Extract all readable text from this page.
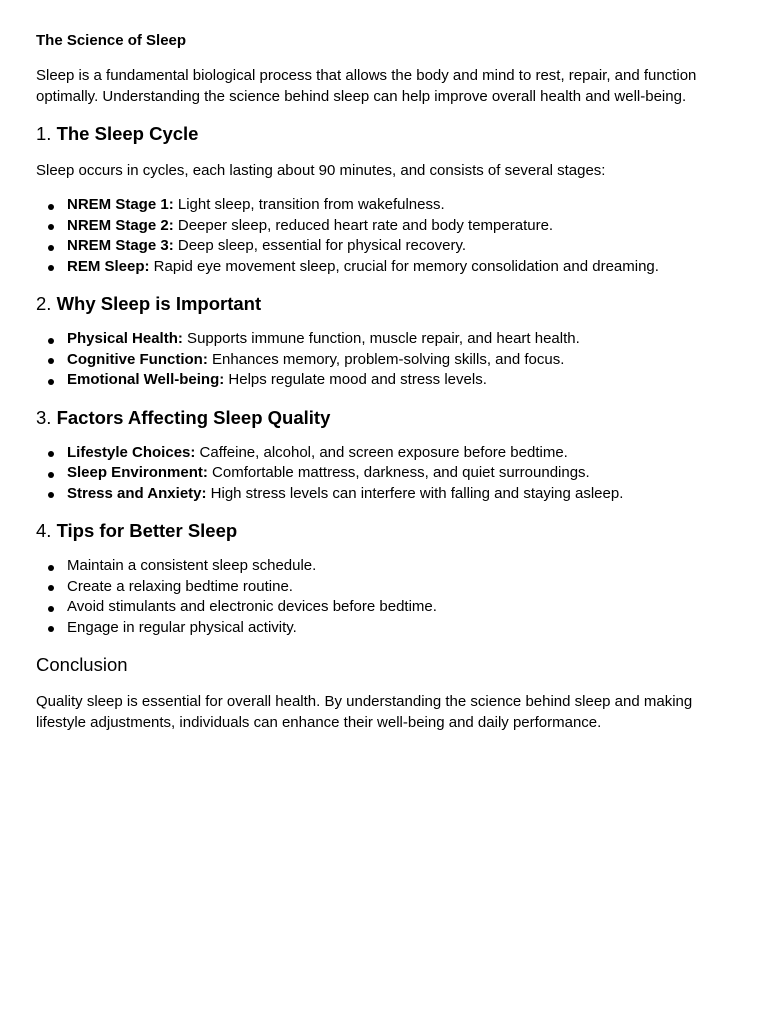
The Science of Sleep

Sleep is a fundamental biological process that allows the body and mind to rest, repair, and function optimally. Understanding the science behind sleep can help improve overall health and well-being.

1. The Sleep Cycle

Sleep occurs in cycles, each lasting about 90 minutes, and consists of several stages:

NREM Stage 1: Light sleep, transition from wakefulness.
NREM Stage 2: Deeper sleep, reduced heart rate and body temperature.
NREM Stage 3: Deep sleep, essential for physical recovery.
REM Sleep: Rapid eye movement sleep, crucial for memory consolidation and dreaming.
2. Why Sleep is Important
Physical Health: Supports immune function, muscle repair, and heart health.
Cognitive Function: Enhances memory, problem-solving skills, and focus.
Emotional Well-being: Helps regulate mood and stress levels.
3. Factors Affecting Sleep Quality
Lifestyle Choices: Caffeine, alcohol, and screen exposure before bedtime.
Sleep Environment: Comfortable mattress, darkness, and quiet surroundings.
Stress and Anxiety: High stress levels can interfere with falling and staying asleep.
4. Tips for Better Sleep
Maintain a consistent sleep schedule.
Create a relaxing bedtime routine.
Avoid stimulants and electronic devices before bedtime.
Engage in regular physical activity.
Conclusion

Quality sleep is essential for overall health. By understanding the science behind sleep and making lifestyle adjustments, individuals can enhance their well-being and daily performance.
